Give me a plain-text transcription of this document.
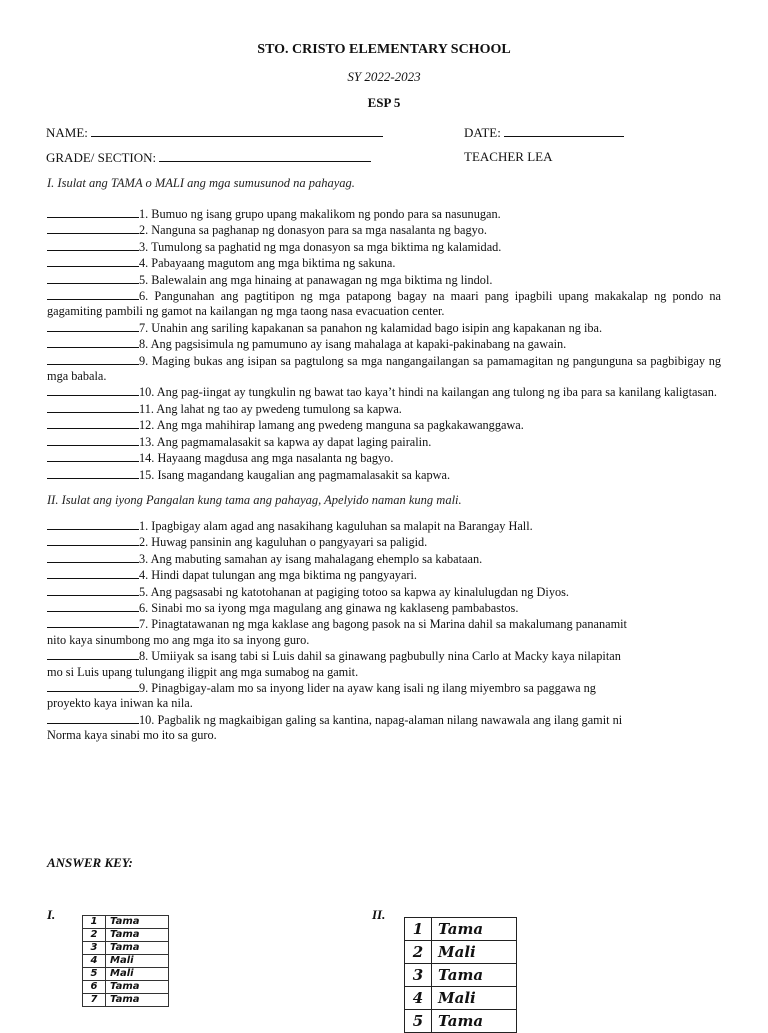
STO. CRISTO ELEMENTARY SCHOOL
SY 2022-2023
ESP 5
NAME:	DATE:
GRADE/ SECTION:	TEACHER LEA
I. Isulat ang TAMA o MALI ang mga sumusunod na pahayag.

1. Bumuo ng isang grupo upang makalikom ng pondo para sa nasunugan.

2. Nanguna sa paghanap ng donasyon para sa mga nasalanta ng bagyo.

3. Tumulong sa paghatid ng mga donasyon sa mga biktima ng kalamidad.

4. Pabayaang magutom ang mga biktima ng sakuna.

5. Balewalain ang mga hinaing at panawagan ng mga biktima ng lindol.

6. Pangunahan ang pagtitipon ng mga patapong bagay na maari pang ipagbili upang makakalap ng pondo na gagamiting pambili ng gamot na kailangan ng mga taong nasa evacuation center.

7. Unahin ang sariling kapakanan sa panahon ng kalamidad bago isipin ang kapakanan ng iba.

8. Ang pagsisimula ng pamumuno ay isang mahalaga at kapaki-pakinabang na gawain.

9. Maging bukas ang isipan sa pagtulong sa mga nangangailangan sa pamamagitan ng pangunguna sa pagbibigay ng mga babala.

10. Ang pag-iingat ay tungkulin ng bawat tao kaya’t hindi na kailangan ang tulong ng iba para sa kanilang kaligtasan.

11. Ang lahat ng tao ay pwedeng tumulong sa kapwa.

12. Ang mga mahihirap lamang ang pwedeng manguna sa pagkakawanggawa.

13. Ang pagmamalasakit sa kapwa ay dapat laging pairalin.

14. Hayaang magdusa ang mga nasalanta ng bagyo.

15. Isang magandang kaugalian ang pagmamalasakit sa kapwa.

II. Isulat ang iyong Pangalan kung tama ang pahayag, Apelyido naman kung mali.

1. Ipagbigay alam agad ang nasakihang kaguluhan sa malapit na Barangay Hall.

2. Huwag pansinin ang kaguluhan o pangyayari sa paligid.

3. Ang mabuting samahan ay isang mahalagang ehemplo sa kabataan.

4. Hindi dapat tulungan ang mga biktima ng pangyayari.

5. Ang pagsasabi ng katotohanan at pagiging totoo sa kapwa ay kinalulugdan ng Diyos.

6. Sinabi mo sa iyong mga magulang ang ginawa ng kaklaseng pambabastos.

7. Pinagtatawanan ng mga kaklase ang bagong pasok na si Marina dahil sa makalumang pananamit nito kaya sinumbong mo ang mga ito sa inyong guro.

8. Umiiyak sa isang tabi si Luis dahil sa ginawang pagbubully nina Carlo at Macky kaya nilapitan mo si Luis upang tulungang iligpit ang mga sumabog na gamit.

9. Pinagbigay-alam mo sa inyong lider na ayaw kang isali ng ilang miyembro sa paggawa ng proyekto kaya iniwan ka nila.

10. Pagbalik ng magkaibigan galing sa kantina, napag-alaman nilang nawawala ang ilang gamit ni Norma kaya sinabi mo ito sa guro.

ANSWER KEY:
I.	II.
1	Tama
2	Tama
3	Tama
4	Mali
5	Mali
6	Tama
7	Tama
1	Tama
2	Mali
3	Tama
4	Mali
5	Tama
